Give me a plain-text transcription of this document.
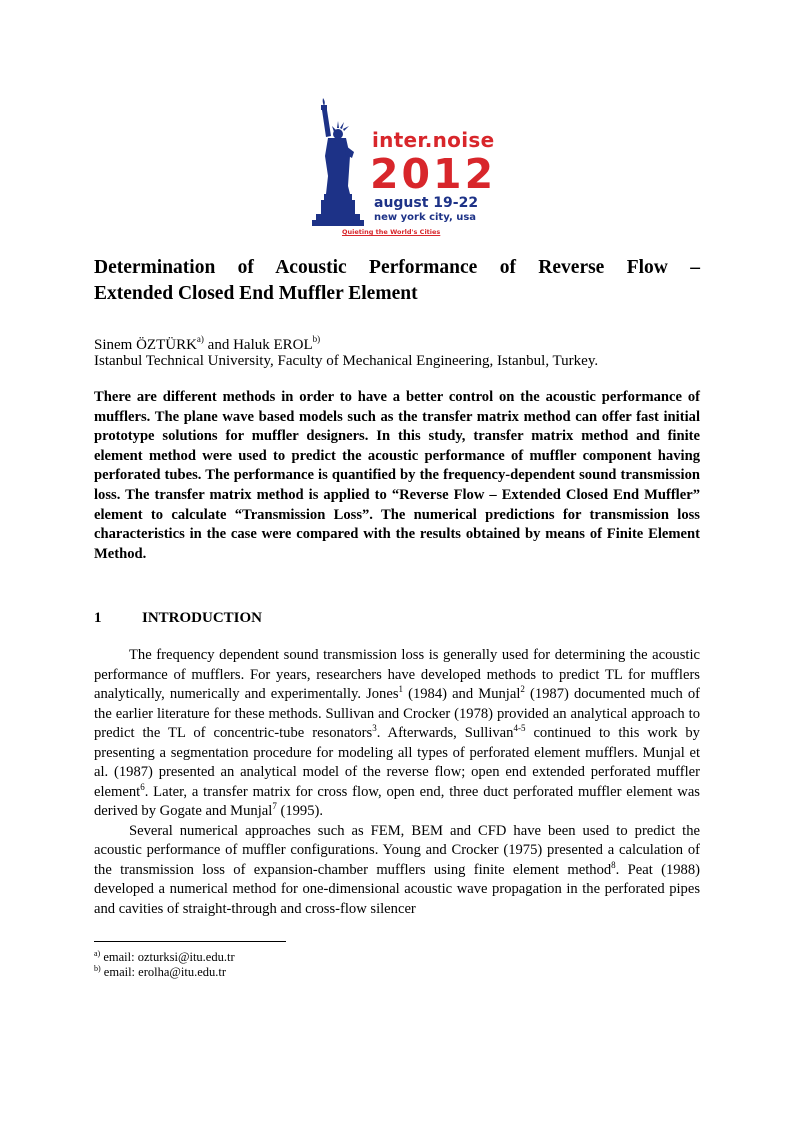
inter.noise
2012
august 19-22
new york city, usa
Quieting the World's Cities
Determination of Acoustic Performance of Reverse Flow –
Extended Closed End Muffler Element
Sinem ÖZTÜRK$^{a)}$ and Haluk EROL$^{b)}$
Istanbul Technical University, Faculty of Mechanical Engineering, Istanbul, Turkey.

There are different methods in order to have a better control on the acoustic performance of mufflers. The plane wave based models such as the transfer matrix method can offer fast initial prototype solutions for muffler designers. In this study, transfer matrix method and finite element method were used to predict the acoustic performance of muffler component having perforated tubes. The performance is quantified by the frequency-dependent sound transmission loss. The transfer matrix method is applied to “Reverse Flow – Extended Closed End Muffler” element to calculate “Transmission Loss”. The numerical predictions for transmission loss characteristics in the case were compared with the results obtained by means of Finite Element Method.

1	INTRODUCTION

The frequency dependent sound transmission loss is generally used for determining the acoustic performance of mufflers. For years, researchers have developed methods to predict TL for mufflers analytically, numerically and experimentally. Jones$^1$ (1984) and Munjal$^2$ (1987) documented much of the earlier literature for these methods. Sullivan and Crocker (1978) provided an analytical approach to predict the TL of concentric-tube resonators$^3$. Afterwards, Sullivan$^{4-5}$ continued to this work by presenting a segmentation procedure for modeling all types of perforated element mufflers. Munjal et al. (1987) presented an analytical model of the reverse flow; open end extended perforated muffler element$^6$. Later, a transfer matrix for cross flow, open end, three duct perforated muffler element was derived by Gogate and Munjal$^7$ (1995).

Several numerical approaches such as FEM, BEM and CFD have been used to predict the acoustic performance of muffler configurations. Young and Crocker (1975) presented a calculation of the transmission loss of expansion-chamber mufflers using finite element method$^8$. Peat (1988) developed a numerical method for one-dimensional acoustic wave propagation in the perforated pipes and cavities of straight-through and cross-flow silencer

$^{a)}$ email: ozturksi@itu.edu.tr
$^{b)}$ email: erolha@itu.edu.tr
